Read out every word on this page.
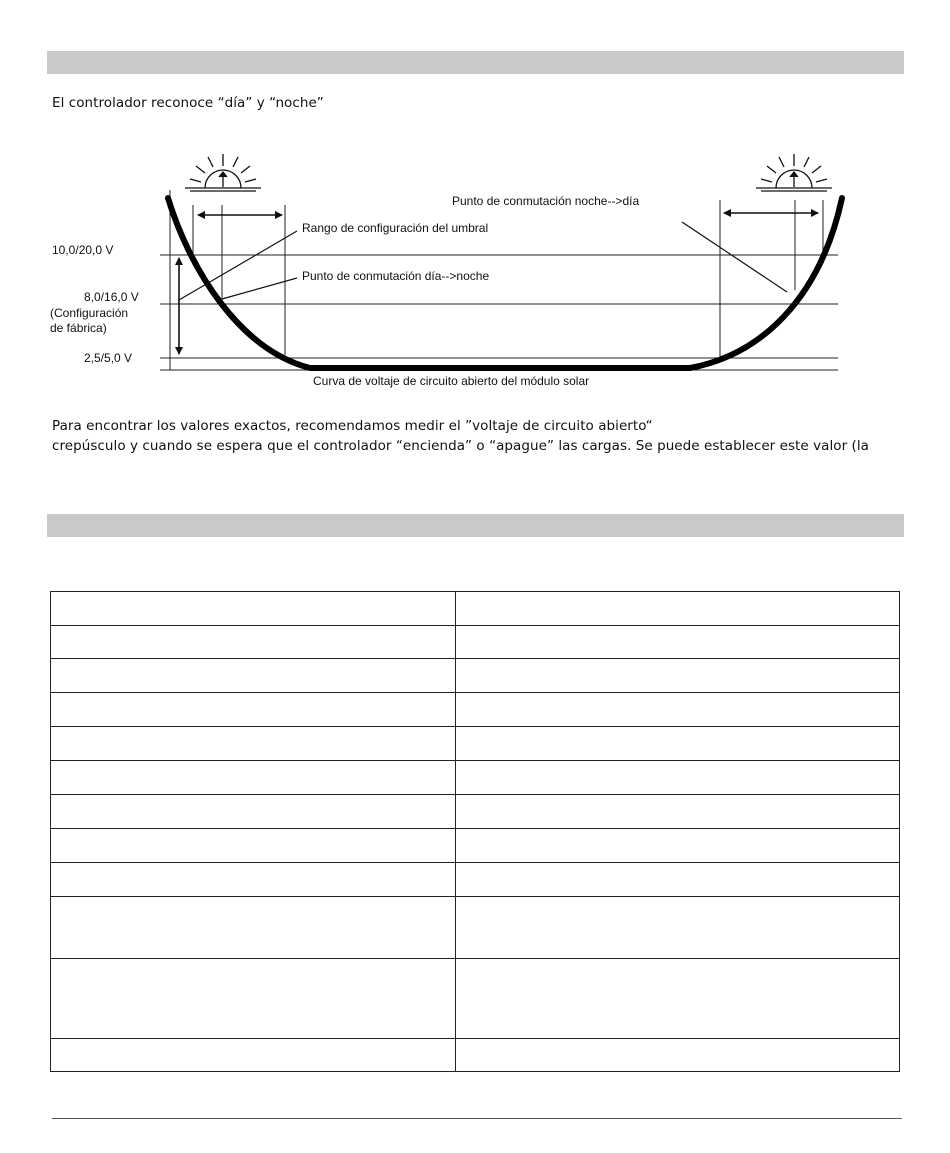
El controlador reconoce “día” y “noche”
10,0/20,0 V
8,0/16,0 V
(Configuración
de fábrica)
2,5/5,0 V
Rango de configuración del umbral
Punto de conmutación día-->noche
Punto de conmutación noche-->día
Curva de voltaje de circuito abierto del módulo solar
Para encontrar los valores exactos, recomendamos medir el ”voltaje de circuito abierto“
crepúsculo y cuando se espera que el controlador “encienda” o “apague” las cargas. Se puede establecer este valor (la
